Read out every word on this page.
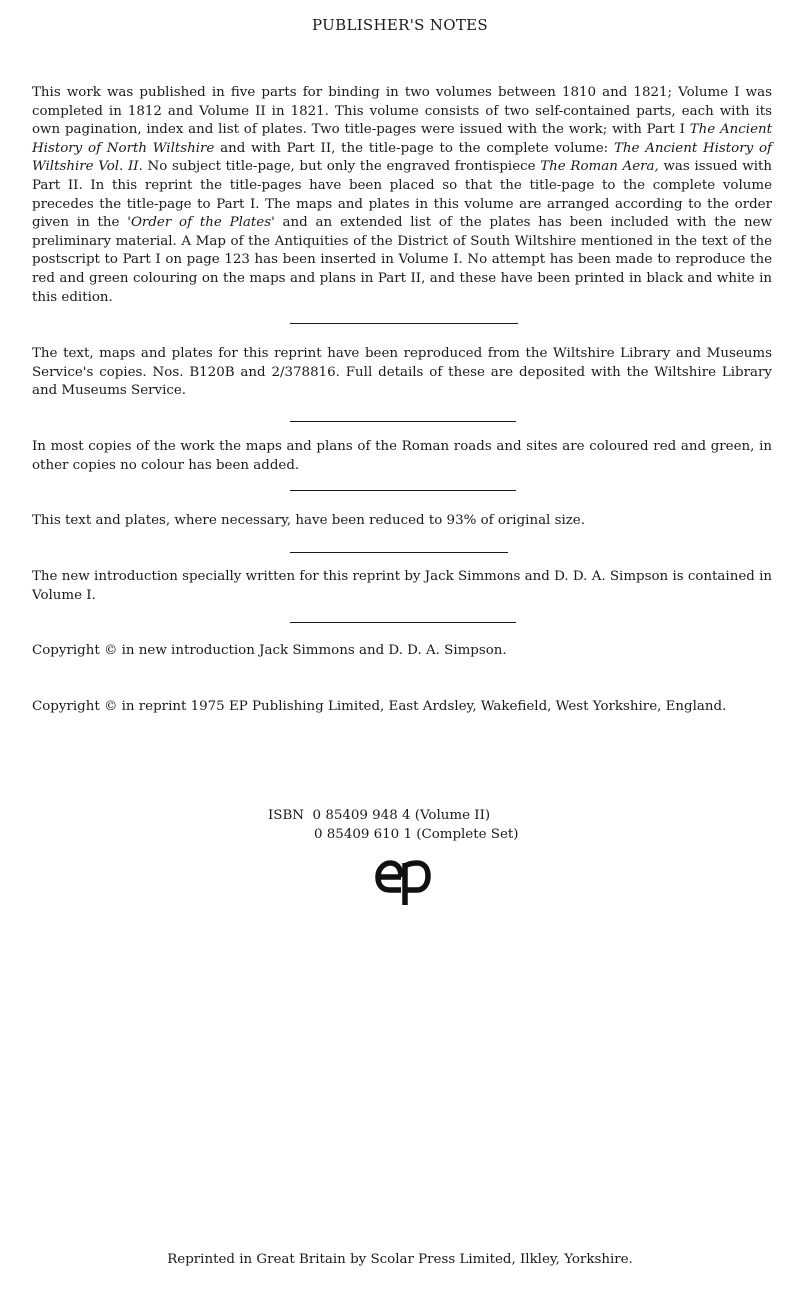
PUBLISHER'S NOTES

This work was published in five parts for binding in two volumes between 1810 and 1821; Volume I was completed in 1812 and Volume II in 1821. This volume consists of two self-contained parts, each with its own pagination, index and list of plates. Two title-pages were issued with the work; with Part I The Ancient History of North Wiltshire and with Part II, the title-page to the complete volume: The Ancient History of Wiltshire Vol. II. No subject title-page, but only the engraved frontispiece The Roman Aera, was issued with Part II. In this reprint the title-pages have been placed so that the title-page to the complete volume precedes the title-page to Part I. The maps and plates in this volume are arranged according to the order given in the 'Order of the Plates' and an extended list of the plates has been included with the new preliminary material. A Map of the Antiquities of the District of South Wiltshire mentioned in the text of the postscript to Part I on page 123 has been inserted in Volume I. No attempt has been made to reproduce the red and green colouring on the maps and plans in Part II, and these have been printed in black and white in this edition.

The text, maps and plates for this reprint have been reproduced from the Wiltshire Library and Museums Service's copies. Nos. B120B and 2/378816. Full details of these are deposited with the Wiltshire Library and Museums Service.

In most copies of the work the maps and plans of the Roman roads and sites are coloured red and green, in other copies no colour has been added.

This text and plates, where necessary, have been reduced to 93% of original size.

The new introduction specially written for this reprint by Jack Simmons and D. D. A. Simpson is contained in Volume I.

Copyright © in new introduction Jack Simmons and D. D. A. Simpson.

Copyright © in reprint 1975 EP Publishing Limited, East Ardsley, Wakefield, West Yorkshire, England.

ISBN 0 85409 948 4 (Volume II)
0 85409 610 1 (Complete Set)
Reprinted in Great Britain by Scolar Press Limited, Ilkley, Yorkshire.
